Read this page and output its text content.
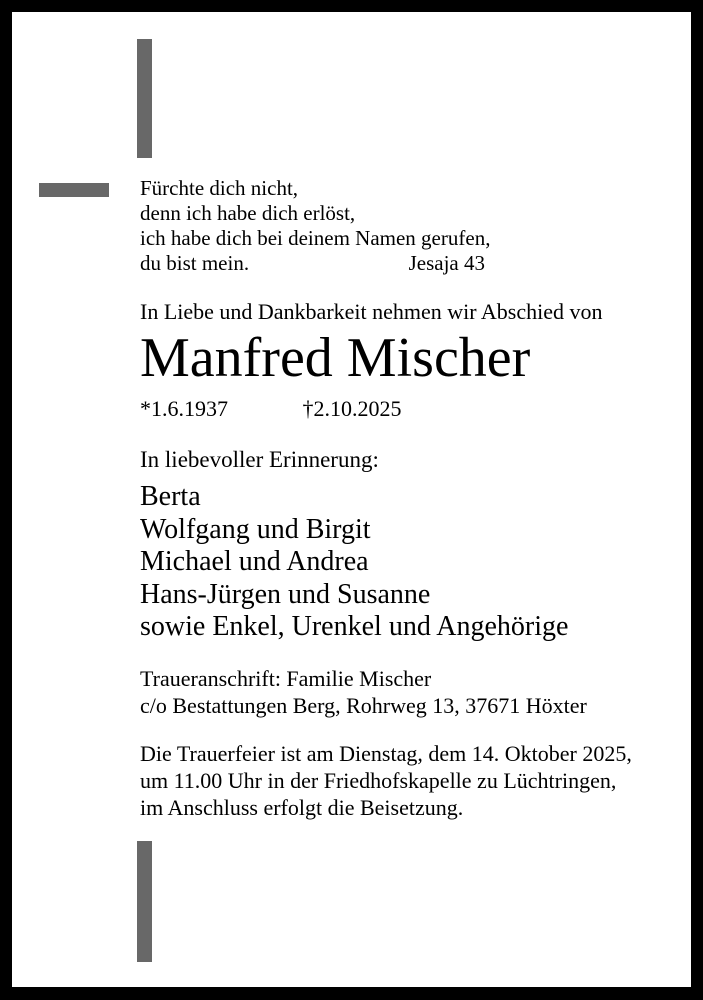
Fürchte dich nicht,
denn ich habe dich erlöst,
ich habe dich bei deinem Namen gerufen,
du bist mein.	Jesaja 43
In Liebe und Dankbarkeit nehmen wir Abschied von
Manfred Mischer
*1.6.1937	†2.10.2025
In liebevoller Erinnerung:
Berta
Wolfgang und Birgit
Michael und Andrea
Hans-Jürgen und Susanne
sowie Enkel, Urenkel und Angehörige
Traueranschrift: Familie Mischer
c/o Bestattungen Berg, Rohrweg 13, 37671 Höxter
Die Trauerfeier ist am Dienstag, dem 14. Oktober 2025,
um 11.00 Uhr in der Friedhofskapelle zu Lüchtringen,
im Anschluss erfolgt die Beisetzung.
